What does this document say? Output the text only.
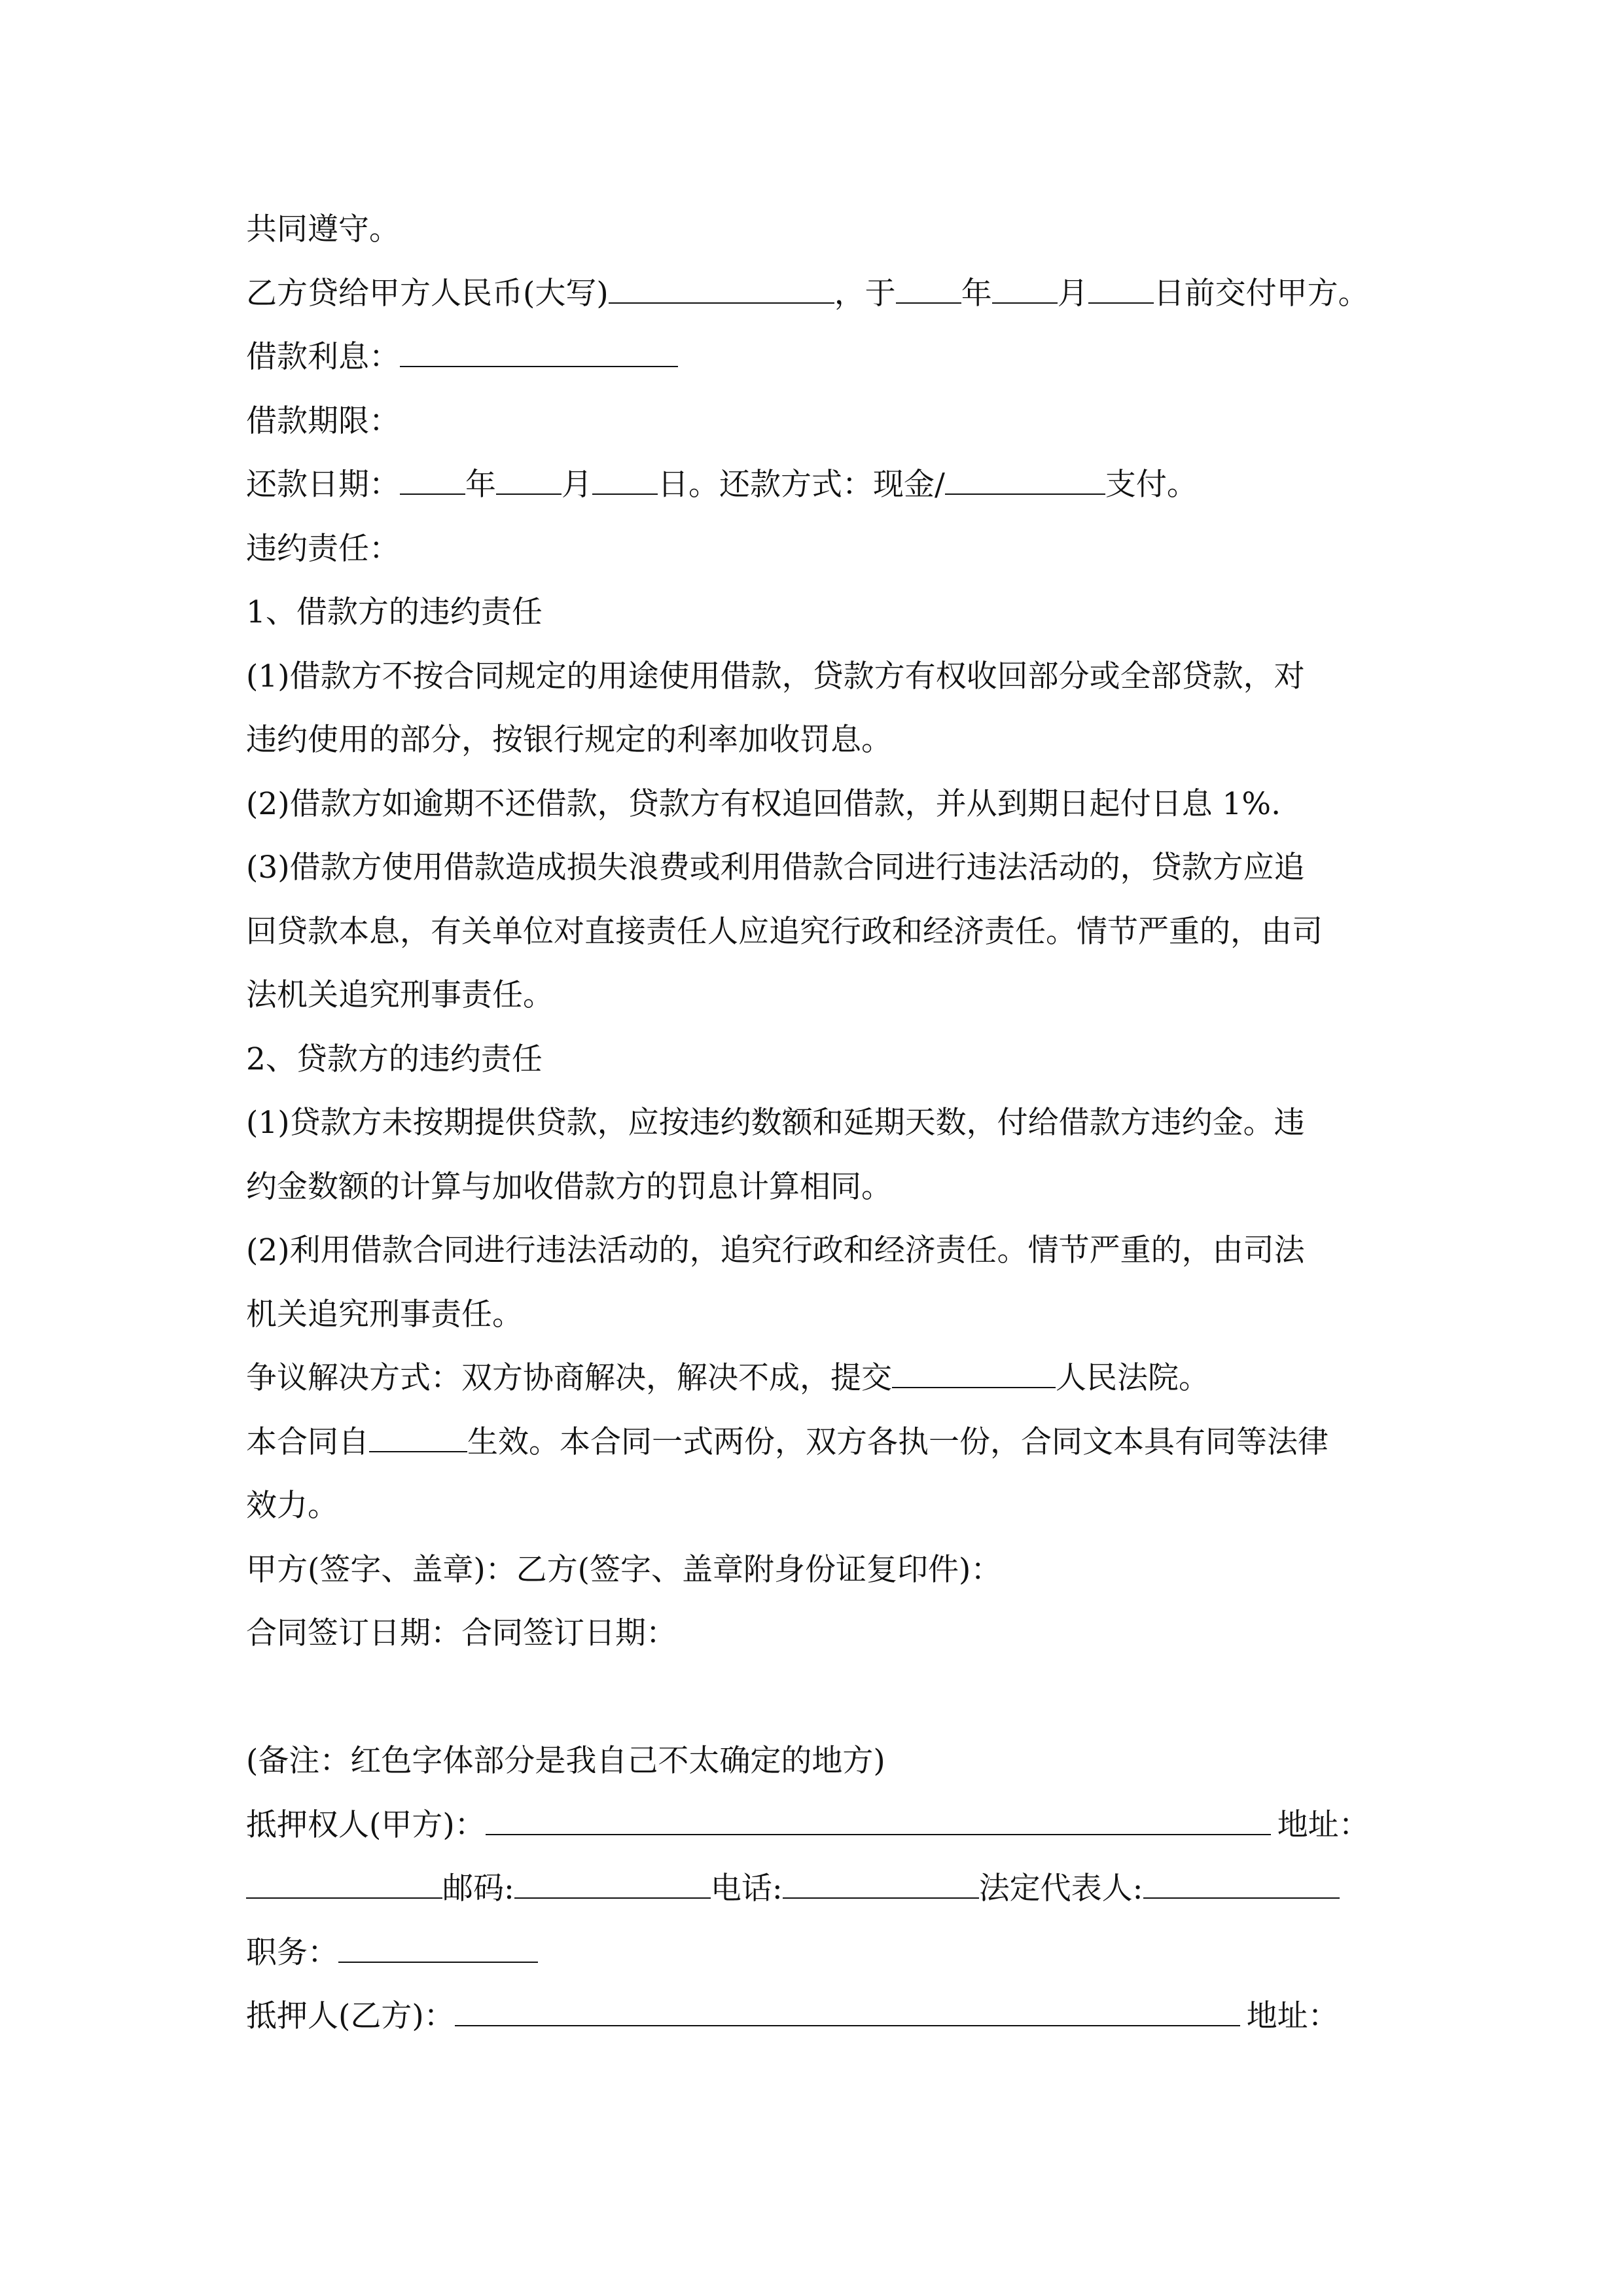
共同遵守。
乙方贷给甲方人民币(大写)	，于 年 月 日前交付甲方。
借款利息：
借款期限：
还款日期： 年 月 日。还款方式：现金/	支付。
违约责任：
1、借款方的违约责任
(1)借款方不按合同规定的用途使用借款，贷款方有权收回部分或全部贷款，对
违约使用的部分，按银行规定的利率加收罚息。
(2)借款方如逾期不还借款，贷款方有权追回借款，并从到期日起付日息 1%.
(3)借款方使用借款造成损失浪费或利用借款合同进行违法活动的，贷款方应追
回贷款本息，有关单位对直接责任人应追究行政和经济责任。情节严重的，由司
法机关追究刑事责任。
2、贷款方的违约责任
(1)贷款方未按期提供贷款，应按违约数额和延期天数，付给借款方违约金。违
约金数额的计算与加收借款方的罚息计算相同。
(2)利用借款合同进行违法活动的，追究行政和经济责任。情节严重的，由司法
机关追究刑事责任。
争议解决方式：双方协商解决，解决不成，提交	人民法院。
本合同自	生效。本合同一式两份，双方各执一份，合同文本具有同等法律
效力。
甲方(签字、盖章)：乙方(签字、盖章附身份证复印件)：
合同签订日期：合同签订日期：
(备注：红色字体部分是我自己不太确定的地方)
抵押权人(甲方)：	地址：
邮码:	电话:	法定代表人:
职务：
抵押人(乙方)：	地址：
